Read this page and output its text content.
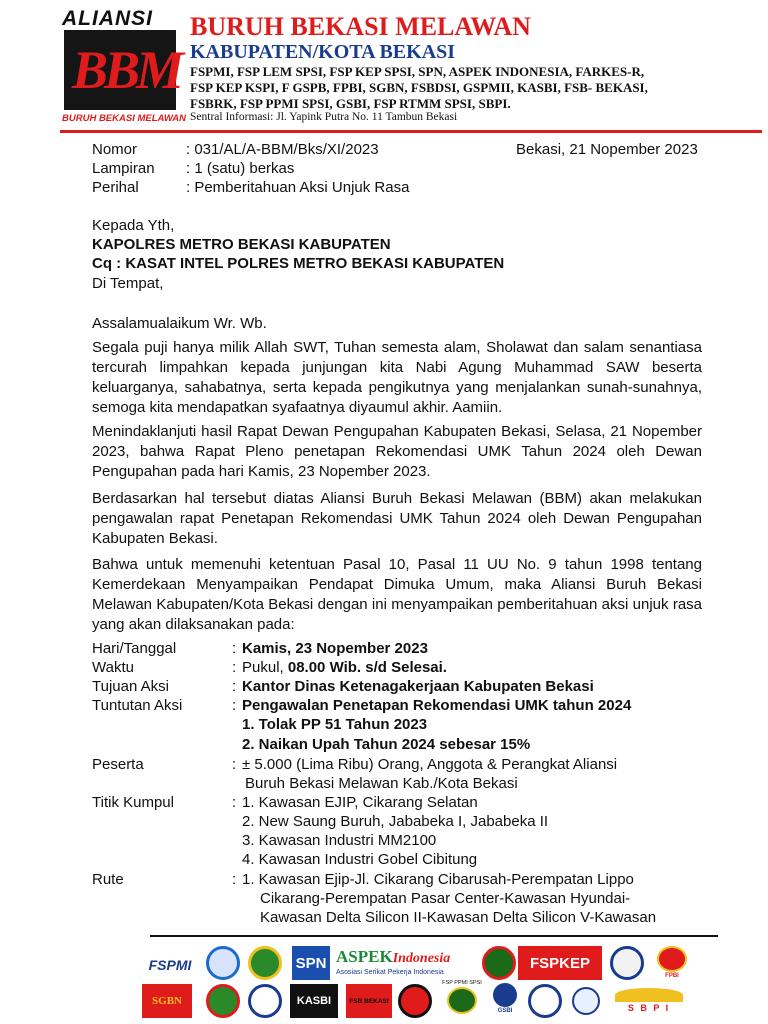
ALIANSI
BBM
BURUH BEKASI MELAWAN
BURUH BEKASI MELAWAN
KABUPATEN/KOTA BEKASI
FSPMI, FSP LEM SPSI, FSP KEP SPSI, SPN, ASPEK INDONESIA, FARKES-R,
FSP KEP KSPI, F GSPB, FPBI, SGBN, FSBDSI, GSPMII, KASBI, FSB- BEKASI,
FSBRK, FSP PPMI SPSI, GSBI, FSP RTMM SPSI, SBPI.
Sentral Informasi: Jl. Yapink Putra No. 11 Tambun Bekasi
Nomor	: 031/AL/A-BBM/Bks/XI/2023	Bekasi, 21 Nopember 2023
Lampiran : 1 (satu) berkas
Perihal	: Pemberitahuan Aksi Unjuk Rasa
Kepada Yth,
KAPOLRES METRO BEKASI KABUPATEN
Cq : KASAT INTEL POLRES METRO BEKASI KABUPATEN
Di Tempat,
Assalamualaikum Wr. Wb.
Segala puji hanya milik Allah SWT, Tuhan semesta alam, Sholawat dan salam senantiasa tercurah limpahkan kepada junjungan kita Nabi Agung Muhammad SAW beserta keluarganya, sahabatnya, serta kepada pengikutnya yang menjalankan sunah-sunahnya, semoga kita mendapatkan syafaatnya diyaumul akhir. Aamiin.
Menindaklanjuti hasil Rapat Dewan Pengupahan Kabupaten Bekasi, Selasa, 21 Nopember 2023, bahwa Rapat Pleno penetapan Rekomendasi UMK Tahun 2024 oleh Dewan Pengupahan pada hari Kamis, 23 Nopember 2023.
Berdasarkan hal tersebut diatas Aliansi Buruh Bekasi Melawan (BBM) akan melakukan pengawalan rapat Penetapan Rekomendasi UMK Tahun 2024 oleh Dewan Pengupahan Kabupaten Bekasi.
Bahwa untuk memenuhi ketentuan Pasal 10, Pasal 11 UU No. 9 tahun 1998 tentang Kemerdekaan Menyampaikan Pendapat Dimuka Umum, maka Aliansi Buruh Bekasi Melawan Kabupaten/Kota Bekasi dengan ini menyampaikan pemberitahuan aksi unjuk rasa yang akan dilaksanakan pada:
Hari/Tanggal	: Kamis, 23 Nopember 2023
Waktu	: Pukul, 08.00 Wib. s/d Selesai.
Tujuan Aksi	: Kantor Dinas Ketenagakerjaan Kabupaten Bekasi
Tuntutan Aksi	: Pengawalan Penetapan Rekomendasi UMK tahun 2024
1. Tolak PP 51 Tahun 2023
2. Naikan Upah Tahun 2024 sebesar 15%
Peserta	: ± 5.000 (Lima Ribu) Orang, Anggota & Perangkat Aliansi
Buruh Bekasi Melawan Kab./Kota Bekasi
Titik Kumpul	: 1. Kawasan EJIP, Cikarang Selatan
2. New Saung Buruh, Jababeka I, Jababeka II
3. Kawasan Industri MM2100
4. Kawasan Industri Gobel Cibitung
Rute	: 1. Kawasan Ejip-Jl. Cikarang Cibarusah-Perempatan Lippo
Cikarang-Perempatan Pasar Center-Kawasan Hyundai-
Kawasan Delta Silicon II-Kawasan Delta Silicon V-Kawasan
FSPMI	SPN ASPEKIndonesia
Asosiasi Serikat Pekerja Indonesia
FSPKEP
FPBI
SGBN	KASBI	FSB BEKASI
FSP PPMI SPSI
GSBI	S B P I
